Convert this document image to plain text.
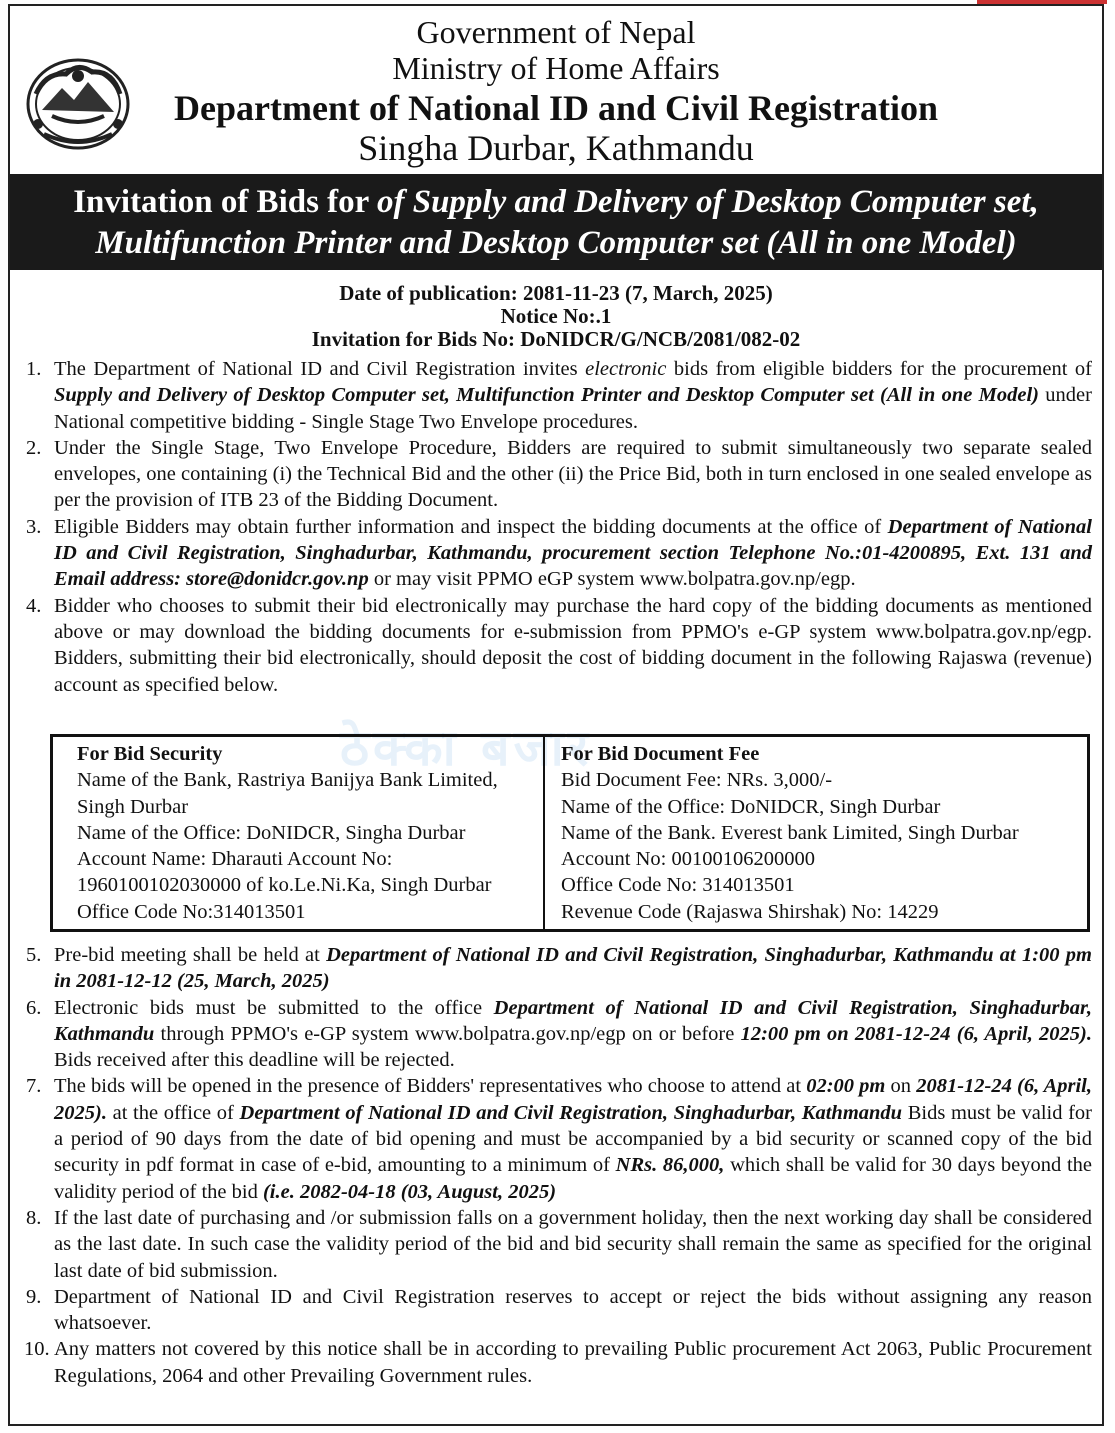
Government of Nepal
Ministry of Home Affairs
Department of National ID and Civil Registration
Singha Durbar, Kathmandu
Invitation of Bids for of Supply and Delivery of Desktop Computer set,
Multifunction Printer and Desktop Computer set (All in one Model)
Date of publication: 2081-11-23 (7, March, 2025)
Notice No:.1
Invitation for Bids No: DoNIDCR/G/NCB/2081/082-02
1. The Department of National ID and Civil Registration invites electronic bids from eligible bidders for the procurement of Supply and Delivery of Desktop Computer set, Multifunction Printer and Desktop Computer set (All in one Model) under National competitive bidding - Single Stage Two Envelope procedures.
2. Under the Single Stage, Two Envelope Procedure, Bidders are required to submit simultaneously two separate sealed envelopes, one containing (i) the Technical Bid and the other (ii) the Price Bid, both in turn enclosed in one sealed envelope as per the provision of ITB 23 of the Bidding Document.
3. Eligible Bidders may obtain further information and inspect the bidding documents at the office of Department of National ID and Civil Registration, Singhadurbar, Kathmandu, procurement section Telephone No.:01-4200895, Ext. 131 and Email address: store@donidcr.gov.np or may visit PPMO eGP system www.bolpatra.gov.np/egp.
4. Bidder who chooses to submit their bid electronically may purchase the hard copy of the bidding documents as mentioned above or may download the bidding documents for e-submission from PPMO's e-GP system www.bolpatra.gov.np/egp. Bidders, submitting their bid electronically, should deposit the cost of bidding document in the following Rajaswa (revenue) account as specified below.
ठेक्का बजार
For Bid Security
Name of the Bank, Rastriya Banijya Bank Limited, Singh Durbar
Name of the Office: DoNIDCR, Singha Durbar
Account Name: Dharauti Account No: 1960100102030000 of ko.Le.Ni.Ka, Singh Durbar
Office Code No:314013501
For Bid Document Fee
Bid Document Fee: NRs. 3,000/-
Name of the Office: DoNIDCR, Singh Durbar
Name of the Bank. Everest bank Limited, Singh Durbar
Account No: 00100106200000
Office Code No: 314013501
Revenue Code (Rajaswa Shirshak) No: 14229
5. Pre-bid meeting shall be held at Department of National ID and Civil Registration, Singhadurbar, Kathmandu at 1:00 pm in 2081-12-12 (25, March, 2025)
6. Electronic bids must be submitted to the office Department of National ID and Civil Registration, Singhadurbar, Kathmandu through PPMO's e-GP system www.bolpatra.gov.np/egp on or before 12:00 pm on 2081-12-24 (6, April, 2025). Bids received after this deadline will be rejected.
7. The bids will be opened in the presence of Bidders' representatives who choose to attend at 02:00 pm on 2081-12-24 (6, April, 2025). at the office of Department of National ID and Civil Registration, Singhadurbar, Kathmandu Bids must be valid for a period of 90 days from the date of bid opening and must be accompanied by a bid security or scanned copy of the bid security in pdf format in case of e-bid, amounting to a minimum of NRs. 86,000, which shall be valid for 30 days beyond the validity period of the bid (i.e. 2082-04-18 (03, August, 2025)
8. If the last date of purchasing and /or submission falls on a government holiday, then the next working day shall be considered as the last date. In such case the validity period of the bid and bid security shall remain the same as specified for the original last date of bid submission.
9. Department of National ID and Civil Registration reserves to accept or reject the bids without assigning any reason whatsoever.
10. Any matters not covered by this notice shall be in according to prevailing Public procurement Act 2063, Public Procurement Regulations, 2064 and other Prevailing Government rules.
